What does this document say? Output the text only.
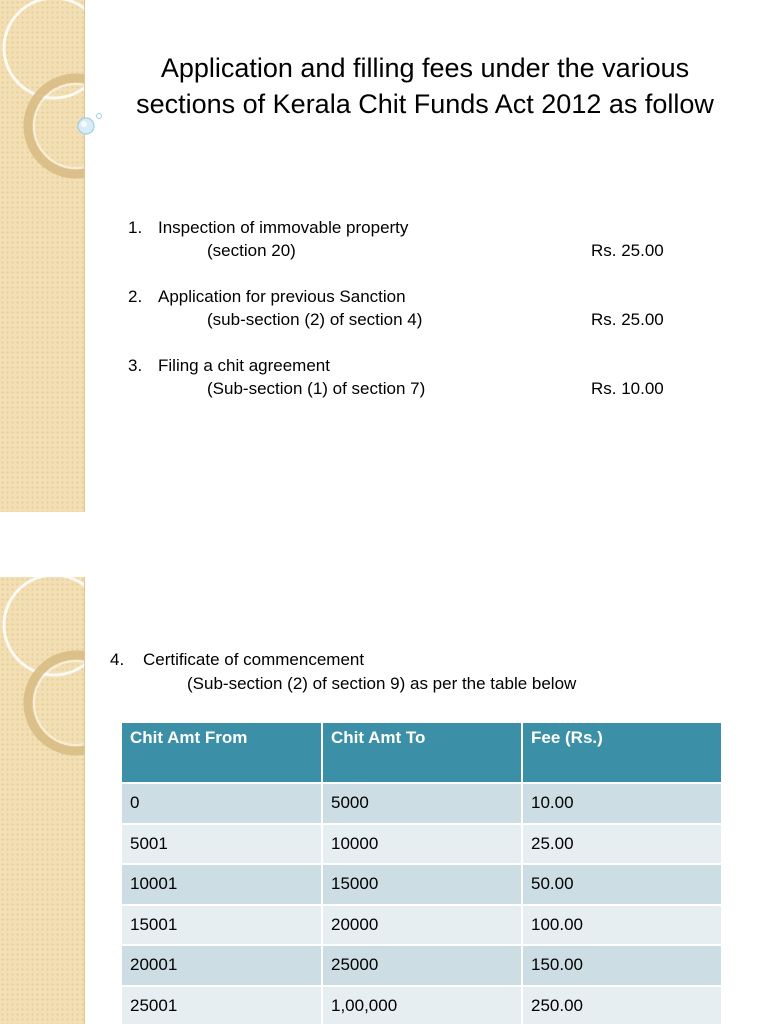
Application and filling fees under the various
sections of Kerala Chit Funds Act 2012 as follow
1. Inspection of immovable property
(section 20)	Rs. 25.00
2. Application for previous Sanction
(sub-section (2) of section 4)	Rs. 25.00
3. Filing a chit agreement
(Sub-section (1) of section 7)	Rs. 10.00
4. Certificate of commencement
(Sub-section (2) of section 9) as per the table below
Chit Amt From	Chit Amt To	Fee (Rs.)
0	5000	10.00
5001	10000	25.00
10001	15000	50.00
15001	20000	100.00
20001	25000	150.00
25001	1,00,000	250.00
